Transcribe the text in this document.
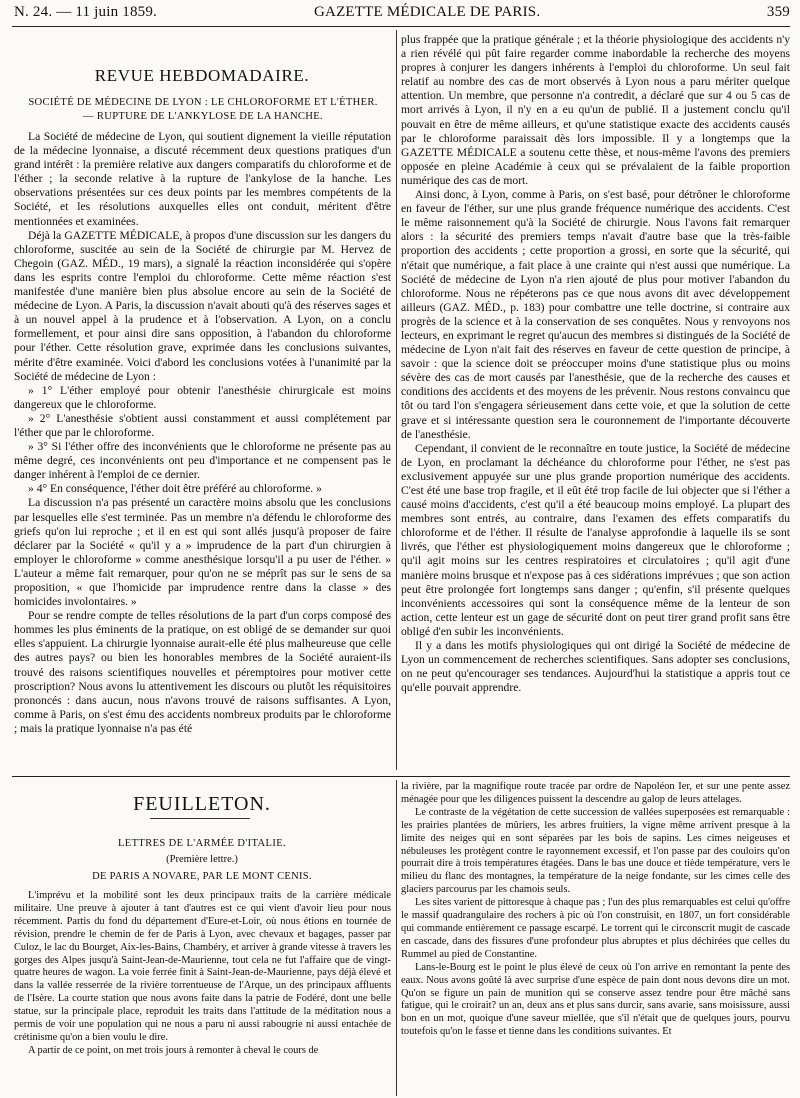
N. 24. — 11 juin 1859.	GAZETTE MÉDICALE DE PARIS.	359
REVUE HEBDOMADAIRE.
SOCIÉTÉ DE MÉDECINE DE LYON : LE CHLOROFORME ET L'ÉTHER. — RUPTURE DE L'ANKYLOSE DE LA HANCHE.

La Société de médecine de Lyon, qui soutient dignement la vieille réputation de la médecine lyonnaise, a discuté récemment deux questions pratiques d'un grand intérêt : la première relative aux dangers comparatifs du chloroforme et de l'éther ; la seconde relative à la rupture de l'ankylose de la hanche. Les observations présentées sur ces deux points par les membres compétents de la Société, et les résolutions auxquelles elles ont conduit, méritent d'être mentionnées et examinées.

Déjà la GAZETTE MÉDICALE, à propos d'une discussion sur les dangers du chloroforme, suscitée au sein de la Société de chirurgie par M. Hervez de Chegoin (GAZ. MÉD., 19 mars), a signalé la réaction inconsidérée qui s'opère dans les esprits contre l'emploi du chloroforme. Cette même réaction s'est manifestée d'une manière bien plus absolue encore au sein de la Société de médecine de Lyon. A Paris, la discussion n'avait abouti qu'à des réserves sages et à un nouvel appel à la prudence et à l'observation. A Lyon, on a conclu formellement, et pour ainsi dire sans opposition, à l'abandon du chloroforme pour l'éther. Cette résolution grave, exprimée dans les conclusions suivantes, mérite d'être examinée. Voici d'abord les conclusions votées à l'unanimité par la Société de médecine de Lyon :

» 1° L'éther employé pour obtenir l'anesthésie chirurgicale est moins dangereux que le chloroforme.

» 2° L'anesthésie s'obtient aussi constamment et aussi complétement par l'éther que par le chloroforme.

» 3° Si l'éther offre des inconvénients que le chloroforme ne présente pas au même degré, ces inconvénients ont peu d'importance et ne compensent pas le danger inhérent à l'emploi de ce dernier.

» 4° En conséquence, l'éther doit être préféré au chloroforme. »

La discussion n'a pas présenté un caractère moins absolu que les conclusions par lesquelles elle s'est terminée. Pas un membre n'a défendu le chloroforme des griefs qu'on lui reproche ; et il en est qui sont allés jusqu'à proposer de faire déclarer par la Société « qu'il y a » imprudence de la part d'un chirurgien à employer le chloroforme » comme anesthésique lorsqu'il a pu user de l'éther. » L'auteur a même fait remarquer, pour qu'on ne se méprît pas sur le sens de sa proposition, « que l'homicide par imprudence rentre dans la classe » des homicides involontaires. »

Pour se rendre compte de telles résolutions de la part d'un corps composé des hommes les plus éminents de la pratique, on est obligé de se demander sur quoi elles s'appuient. La chirurgie lyonnaise aurait-elle été plus malheureuse que celle des autres pays? ou bien les honorables membres de la Société auraient-ils trouvé des raisons scientifiques nouvelles et péremptoires pour motiver cette proscription? Nous avons lu attentivement les discours ou plutôt les réquisitoires prononcés : dans aucun, nous n'avons trouvé de raisons suffisantes. A Lyon, comme à Paris, on s'est ému des accidents nombreux produits par le chloroforme ; mais la pratique lyonnaise n'a pas été

plus frappée que la pratique générale ; et la théorie physiologique des accidents n'y a rien révélé qui pût faire regarder comme inabordable la recherche des moyens propres à conjurer les dangers inhérents à l'emploi du chloroforme. Un seul fait relatif au nombre des cas de mort observés à Lyon nous a paru mériter quelque attention. Un membre, que personne n'a contredit, a déclaré que sur 4 ou 5 cas de mort arrivés à Lyon, il n'y en a eu qu'un de publié. Il a justement conclu qu'il pouvait en être de même ailleurs, et qu'une statistique exacte des accidents causés par le chloroforme paraissait dès lors impossible. Il y a longtemps que la GAZETTE MÉDICALE a soutenu cette thèse, et nous-même l'avons des premiers opposée en pleine Académie à ceux qui se prévalaient de la faible proportion numérique des cas de mort.

Ainsi donc, à Lyon, comme à Paris, on s'est basé, pour détrôner le chloroforme en faveur de l'éther, sur une plus grande fréquence numérique des accidents. C'est le même raisonnement qu'à la Société de chirurgie. Nous l'avons fait remarquer alors : la sécurité des premiers temps n'avait d'autre base que la très-faible proportion des accidents ; cette proportion a grossi, en sorte que la sécurité, qui n'était que numérique, a fait place à une crainte qui n'est aussi que numérique. La Société de médecine de Lyon n'a rien ajouté de plus pour motiver l'abandon du chloroforme. Nous ne répéterons pas ce que nous avons dit avec développement ailleurs (GAZ. MÉD., p. 183) pour combattre une telle doctrine, si contraire aux progrès de la science et à la conservation de ses conquêtes. Nous y renvoyons nos lecteurs, en exprimant le regret qu'aucun des membres si distingués de la Société de médecine de Lyon n'ait fait des réserves en faveur de cette question de principe, à savoir : que la science doit se préoccuper moins d'une statistique plus ou moins sévère des cas de mort causés par l'anesthésie, que de la recherche des causes et conditions des accidents et des moyens de les prévenir. Nous restons convaincu que tôt ou tard l'on s'engagera sérieusement dans cette voie, et que la solution de cette grave et si intéressante question sera le couronnement de l'importante découverte de l'anesthésie.

Cependant, il convient de le reconnaître en toute justice, la Société de médecine de Lyon, en proclamant la déchéance du chloroforme pour l'éther, ne s'est pas exclusivement appuyée sur une plus grande proportion numérique des accidents. C'est été une base trop fragile, et il eût été trop facile de lui objecter que si l'éther a causé moins d'accidents, c'est qu'il a été beaucoup moins employé. La plupart des membres sont entrés, au contraire, dans l'examen des effets comparatifs du chloroforme et de l'éther. Il résulte de l'analyse approfondie à laquelle ils se sont livrés, que l'éther est physiologiquement moins dangereux que le chloroforme ; qu'il agit moins sur les centres respiratoires et circulatoires ; qu'il agit d'une manière moins brusque et n'expose pas à ces sidérations imprévues ; que son action peut être prolongée fort longtemps sans danger ; qu'enfin, s'il présente quelques inconvénients accessoires qui sont la conséquence même de la lenteur de son action, cette lenteur est un gage de sécurité dont on peut tirer grand profit sans être obligé d'en subir les inconvénients.

Il y a dans les motifs physiologiques qui ont dirigé la Société de médecine de Lyon un commencement de recherches scientifiques. Sans adopter ses conclusions, on ne peut qu'encourager ses tendances. Aujourd'hui la statistique a appris tout ce qu'elle pouvait apprendre.

FEUILLETON.
LETTRES DE L'ARMÉE D'ITALIE.
(Première lettre.)
DE PARIS A NOVARE, PAR LE MONT CENIS.

L'imprévu et la mobilité sont les deux principaux traits de la carrière médicale militaire. Une preuve à ajouter à tant d'autres est ce qui vient d'avoir lieu pour nous récemment. Partis du fond du département d'Eure-et-Loir, où nous étions en tournée de révision, prendre le chemin de fer de Paris à Lyon, avec chevaux et bagages, passer par Culoz, le lac du Bourget, Aix-les-Bains, Chambéry, et arriver à grande vitesse à travers les gorges des Alpes jusqu'à Saint-Jean-de-Maurienne, tout cela ne fut l'affaire que de vingt-quatre heures de wagon. La voie ferrée finit à Saint-Jean-de-Maurienne, pays déjà élevé et dans la vallée resserrée de la rivière torrentueuse de l'Arque, un des principaux affluents de l'Isère. La courte station que nous avons faite dans la patrie de Fodéré, dont une belle statue, sur la principale place, reproduit les traits dans l'attitude de la méditation nous a permis de voir une population qui ne nous a paru ni aussi rabougrie ni aussi entachée de crétinisme qu'on a bien voulu le dire.

A partir de ce point, on met trois jours à remonter à cheval le cours de

la rivière, par la magnifique route tracée par ordre de Napoléon Ier, et sur une pente assez ménagée pour que les diligences puissent la descendre au galop de leurs attelages.

Le contraste de la végétation de cette succession de vallées superposées est remarquable : les prairies plantées de mûriers, les arbres fruitiers, la vigne même arrivent presque à la limite des neiges qui en sont séparées par les bois de sapins. Les cimes neigeuses et nébuleuses les protègent contre le rayonnement excessif, et l'on passe par des couloirs qu'on pourrait dire à trois températures étagées. Dans le bas une douce et tiède température, vers le milieu du flanc des montagnes, la température de la neige fondante, sur les cimes celle des glaciers parcourus par les chamois seuls.

Les sites varient de pittoresque à chaque pas ; l'un des plus remarquables est celui qu'offre le massif quadrangulaire des rochers à pic où l'on construisit, en 1807, un fort considérable qui commande entièrement ce passage escarpé. Le torrent qui le circonscrit mugit de cascade en cascade, dans des fissures d'une profondeur plus abruptes et plus déchirées que celles du Rummel au pied de Constantine.

Lans-le-Bourg est le point le plus élevé de ceux où l'on arrive en remontant la pente des eaux. Nous avons goûté là avec surprise d'une espèce de pain dont nous devons dire un mot. Qu'on se figure un pain de munition qui se conserve assez tendre pour être mâché sans fatigue, qui le croirait? un an, deux ans et plus sans durcir, sans avarie, sans moisissure, aussi bon en un mot, quoique d'une saveur miellée, que s'il n'était que de quelques jours, pourvu toutefois qu'on le fasse et tienne dans les conditions suivantes. Et
